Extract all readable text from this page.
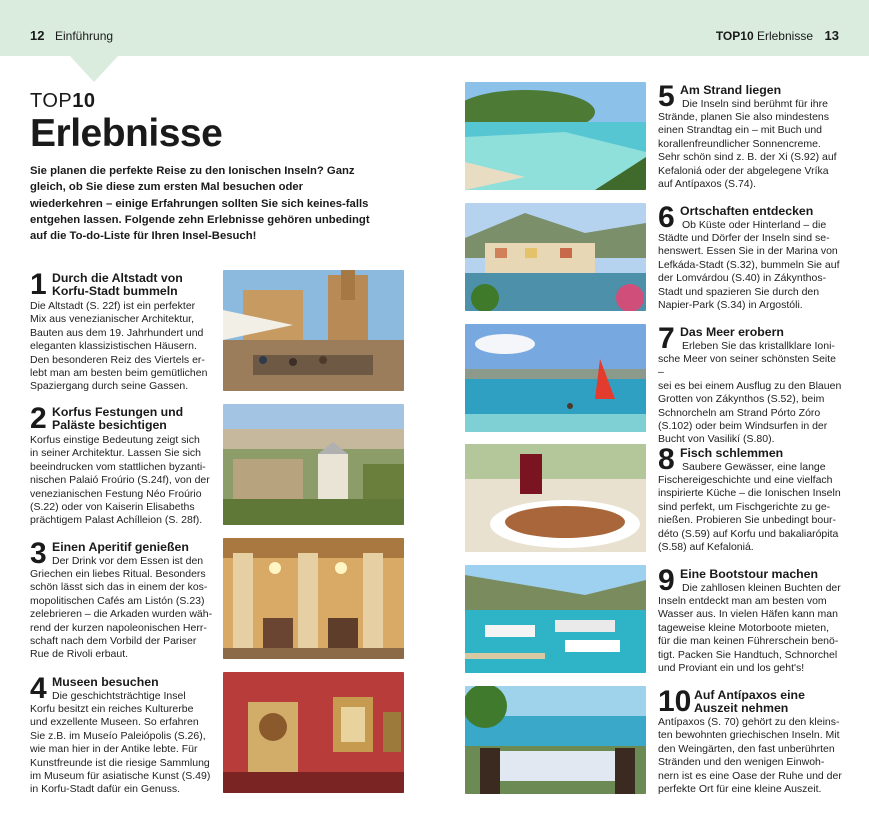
12 Einführung	TOP10 Erlebnisse 13
TOP10
Erlebnisse
Sie planen die perfekte Reise zu den Ionischen Inseln? Ganz gleich, ob Sie diese zum ersten Mal besuchen oder wiederkehren – einige Erfahrungen sollten Sie sich keines-falls entgehen lassen. Folgende zehn Erlebnisse gehören unbedingt auf die To-do-Liste für Ihren Insel-Besuch!
1 Durch die Altstadt von Korfu-Stadt bummeln
Die Altstadt (S. 22f) ist ein perfekter
Mix aus venezianischer Architektur,
Bauten aus dem 19. Jahrhundert und
eleganten klassizistischen Häusern.
Den besonderen Reiz des Viertels er-
lebt man am besten beim gemütlichen
Spaziergang durch seine Gassen.
2 Korfus Festungen und Paläste besichtigen
Korfus einstige Bedeutung zeigt sich
in seiner Architektur. Lassen Sie sich
beeindrucken vom stattlichen byzanti-
nischen Palaió Froúrio (S.24f), von der
venezianischen Festung Néo Froúrio
(S.22) oder von Kaiserin Elisabeths
prächtigem Palast Achílleion (S. 28f).
3 Einen Aperitif genießen
Der Drink vor dem Essen ist den
Griechen ein liebes Ritual. Besonders
schön lässt sich das in einem der kos-
mopolitischen Cafés am Listón (S.23)
zelebrieren – die Arkaden wurden wäh-
rend der kurzen napoleonischen Herr-
schaft nach dem Vorbild der Pariser
Rue de Rivoli erbaut.
4 Museen besuchen
Die geschichtsträchtige Insel
Korfu besitzt ein reiches Kulturerbe
und exzellente Museen. So erfahren
Sie z.B. im Museío Paleiópolis (S.26),
wie man hier in der Antike lebte. Für
Kunstfreunde ist die riesige Sammlung
im Museum für asiatische Kunst (S.49)
in Korfu-Stadt dafür ein Genuss.
5 Am Strand liegen
Die Inseln sind berühmt für ihre
Strände, planen Sie also mindestens
einen Strandtag ein – mit Buch und
korallenfreundlicher Sonnencreme.
Sehr schön sind z. B. der Xi (S.92) auf
Kefaloniá oder der abgelegene Vríka
auf Antípaxos (S.74).
6 Ortschaften entdecken
Ob Küste oder Hinterland – die
Städte und Dörfer der Inseln sind se-
henswert. Essen Sie in der Marina von
Lefkáda-Stadt (S.32), bummeln Sie auf
der Lomvárdou (S.40) in Zákynthos-
Stadt und spazieren Sie durch den
Napier-Park (S.34) in Argostóli.
7 Das Meer erobern
Erleben Sie das kristallklare Ioni-
sche Meer von seiner schönsten Seite –
sei es bei einem Ausflug zu den Blauen
Grotten von Zákynthos (S.52), beim
Schnorcheln am Strand Pórto Zóro
(S.102) oder beim Windsurfen in der
Bucht von Vasilikí (S.80).
8 Fisch schlemmen
Saubere Gewässer, eine lange
Fischereigeschichte und eine vielfach
inspirierte Küche – die Ionischen Inseln
sind perfekt, um Fischgerichte zu ge-
nießen. Probieren Sie unbedingt bour-
déto (S.59) auf Korfu und bakaliarópita
(S.58) auf Kefaloniá.
9 Eine Bootstour machen
Die zahllosen kleinen Buchten der
Inseln entdeckt man am besten vom
Wasser aus. In vielen Häfen kann man
tageweise kleine Motorboote mieten,
für die man keinen Führerschein benö-
tigt. Packen Sie Handtuch, Schnorchel
und Proviant ein und los geht's!
10 Auf Antípaxos eine Auszeit nehmen
Antípaxos (S. 70) gehört zu den kleins-
ten bewohnten griechischen Inseln. Mit
den Weingärten, den fast unberührten
Stränden und den wenigen Einwoh-
nern ist es eine Oase der Ruhe und der
perfekte Ort für eine kleine Auszeit.
